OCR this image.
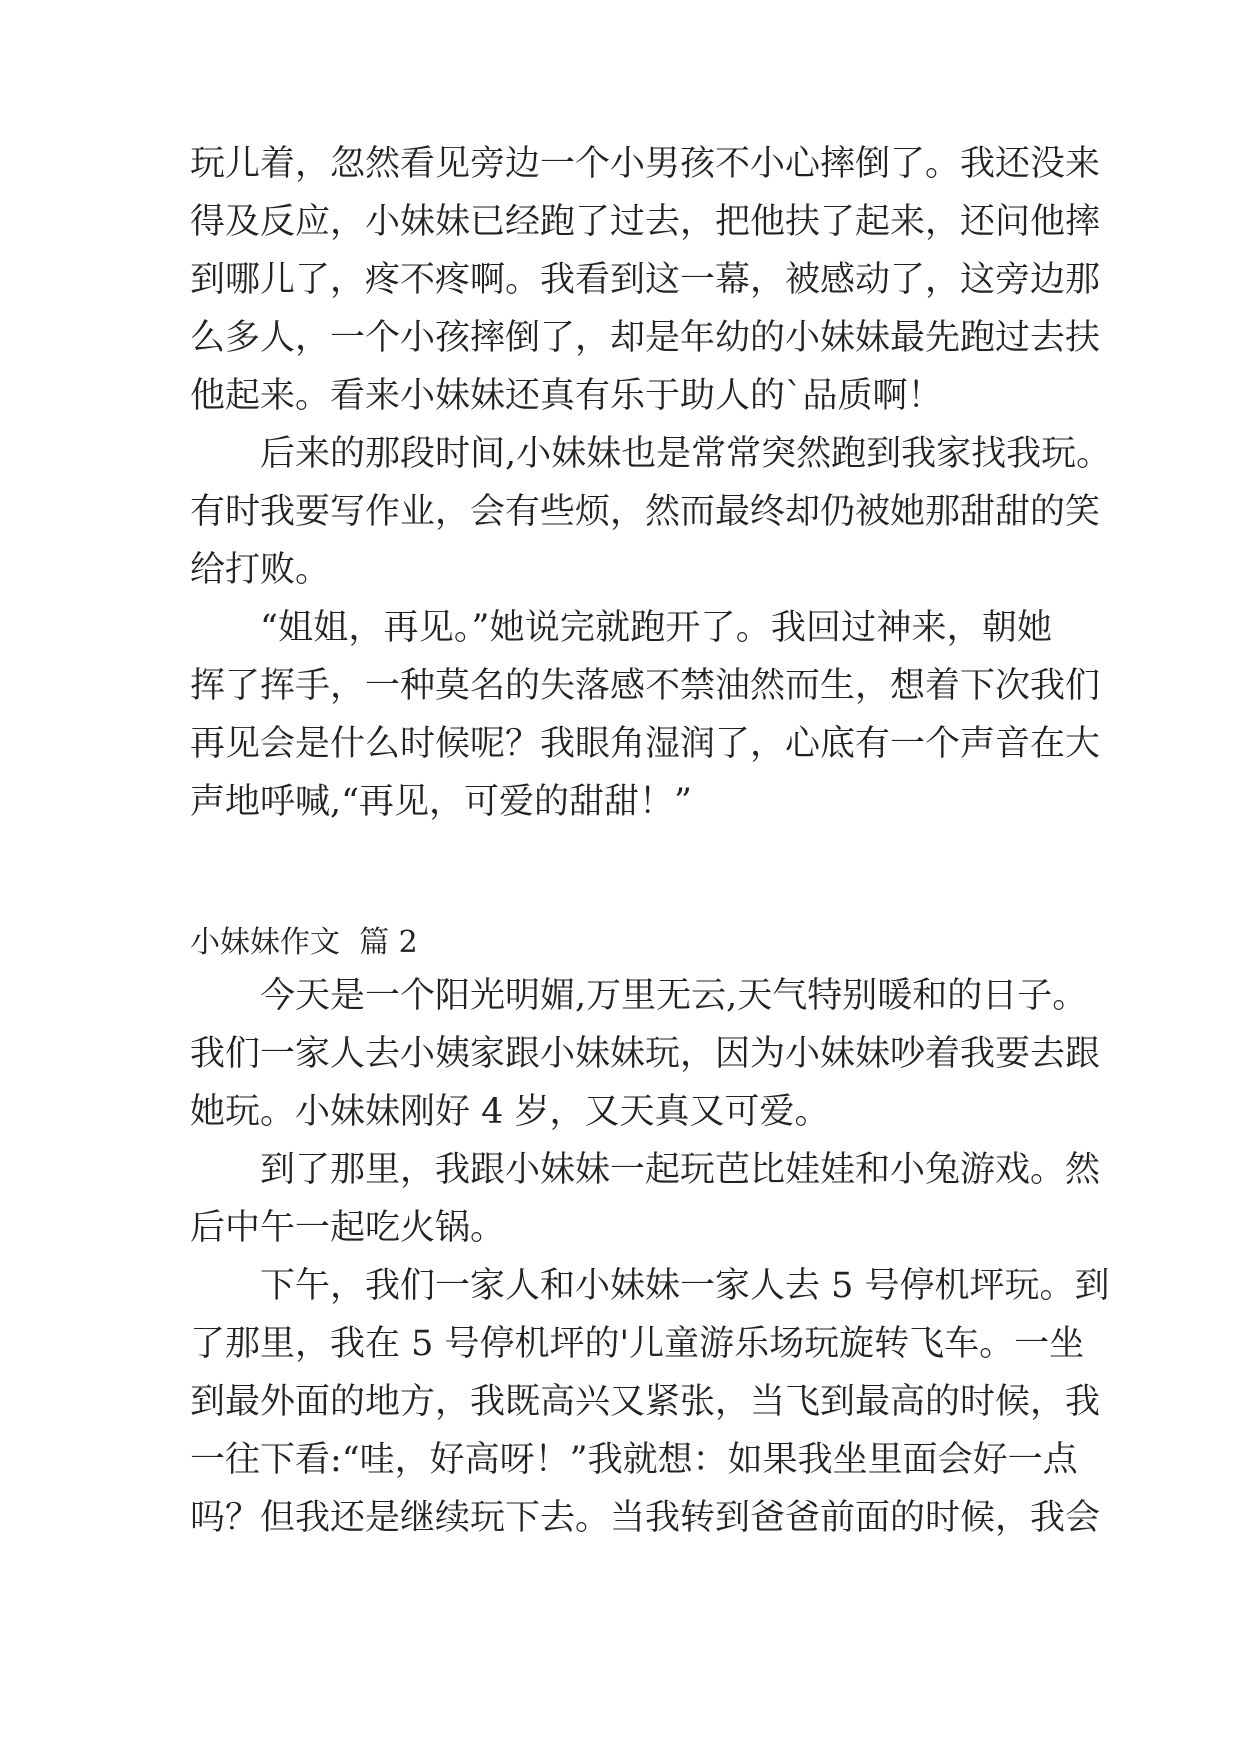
玩儿着，忽然看见旁边一个小男孩不小心摔倒了。我还没来
得及反应，小妹妹已经跑了过去，把他扶了起来，还问他摔
到哪儿了，疼不疼啊。我看到这一幕，被感动了，这旁边那
么多人，一个小孩摔倒了，却是年幼的小妹妹最先跑过去扶
他起来。看来小妹妹还真有乐于助人的`品质啊！
后来的那段时间,小妹妹也是常常突然跑到我家找我玩。
有时我要写作业，会有些烦，然而最终却仍被她那甜甜的笑
给打败。
“姐姐，再见。”她说完就跑开了。我回过神来，朝她
挥了挥手，一种莫名的失落感不禁油然而生，想着下次我们
再见会是什么时候呢？我眼角湿润了，心底有一个声音在大
声地呼喊,“再见，可爱的甜甜！”
小妹妹作文  篇 2
今天是一个阳光明媚,万里无云,天气特别暖和的日子。
我们一家人去小姨家跟小妹妹玩，因为小妹妹吵着我要去跟
她玩。小妹妹刚好 4 岁，又天真又可爱。
到了那里，我跟小妹妹一起玩芭比娃娃和小兔游戏。然
后中午一起吃火锅。
下午，我们一家人和小妹妹一家人去 5 号停机坪玩。到
了那里，我在 5 号停机坪的'儿童游乐场玩旋转飞车。一坐
到最外面的地方，我既高兴又紧张，当飞到最高的时候，我
一往下看:“哇，好高呀！”我就想：如果我坐里面会好一点
吗？但我还是继续玩下去。当我转到爸爸前面的时候，我会
